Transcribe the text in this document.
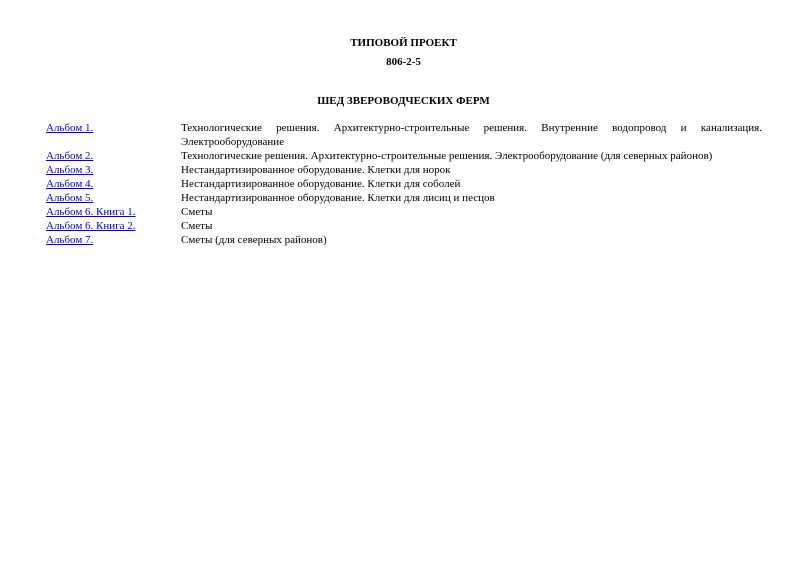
ТИПОВОЙ ПРОЕКТ
806-2-5
ШЕД ЗВЕРОВОДЧЕСКИХ ФЕРМ
Альбом 1.	Технологические решения. Архитектурно-строительные решения. Внутренние водопровод и канализация. Электрооборудование
Альбом 2.	Технологические решения. Архитектурно-строительные решения. Электрооборудование (для северных районов)
Альбом 3.	Нестандартизированное оборудование. Клетки для норок
Альбом 4.	Нестандартизированное оборудование. Клетки для соболей
Альбом 5.	Нестандартизированное оборудование. Клетки для лисиц и песцов
Альбом 6. Книга 1.	Сметы
Альбом 6. Книга 2.	Сметы
Альбом 7.	Сметы (для северных районов)
